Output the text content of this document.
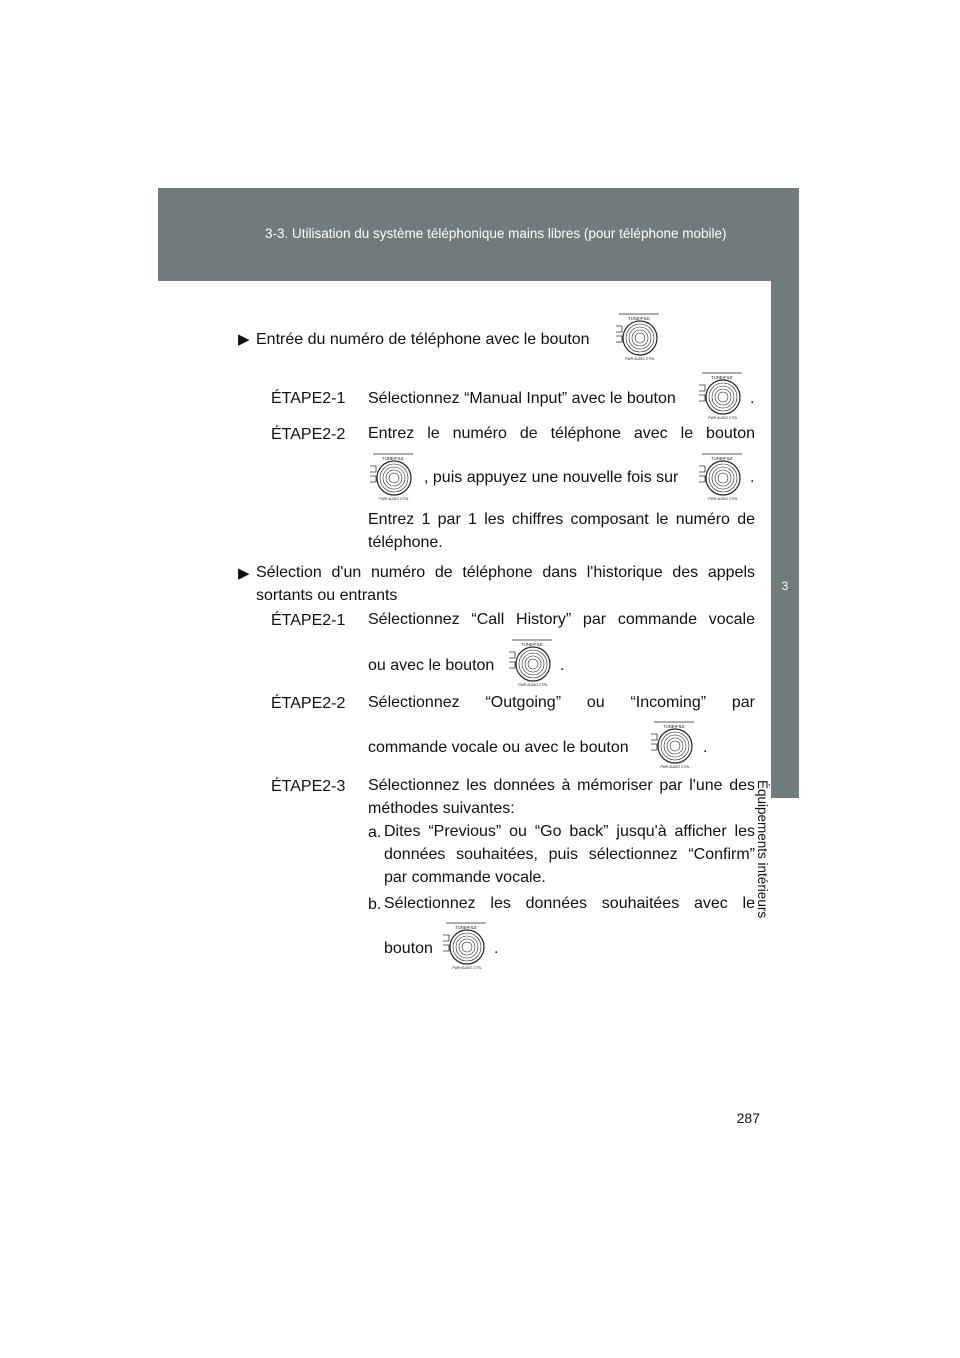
3-3. Utilisation du système téléphonique mains libres (pour téléphone mobile)
3
Équipements intérieurs
▶ Entrée du numéro de téléphone avec le bouton
TUNE•FILE
PWR·AUDIO CTRL
ÉTAPE2-1 Sélectionnez “Manual Input” avec le bouton
TUNE•FILE
PWR·AUDIO CTRL
.
ÉTAPE2-2 Entrez le numéro de téléphone avec le bouton
TUNE•FILE
PWR·AUDIO CTRL
, puis appuyez une nouvelle fois sur
TUNE•FILE
PWR·AUDIO CTRL
.
Entrez 1 par 1 les chiffres composant le numéro de téléphone.
▶ Sélection d'un numéro de téléphone dans l'historique des appels sortants ou entrants
ÉTAPE2-1 Sélectionnez “Call History” par commande vocale
ou avec le bouton
TUNE•FILE
PWR·AUDIO CTRL
.
ÉTAPE2-2 Sélectionnez “Outgoing” ou “Incoming” par
commande vocale ou avec le bouton
TUNE•FILE
PWR·AUDIO CTRL
.
ÉTAPE2-3 Sélectionnez les données à mémoriser par l'une des méthodes suivantes:
a. Dites “Previous” ou “Go back” jusqu'à afficher les données souhaitées, puis sélectionnez “Confirm” par commande vocale.
b. Sélectionnez les données souhaitées avec le
bouton
TUNE•FILE
PWR·AUDIO CTRL
.
287
